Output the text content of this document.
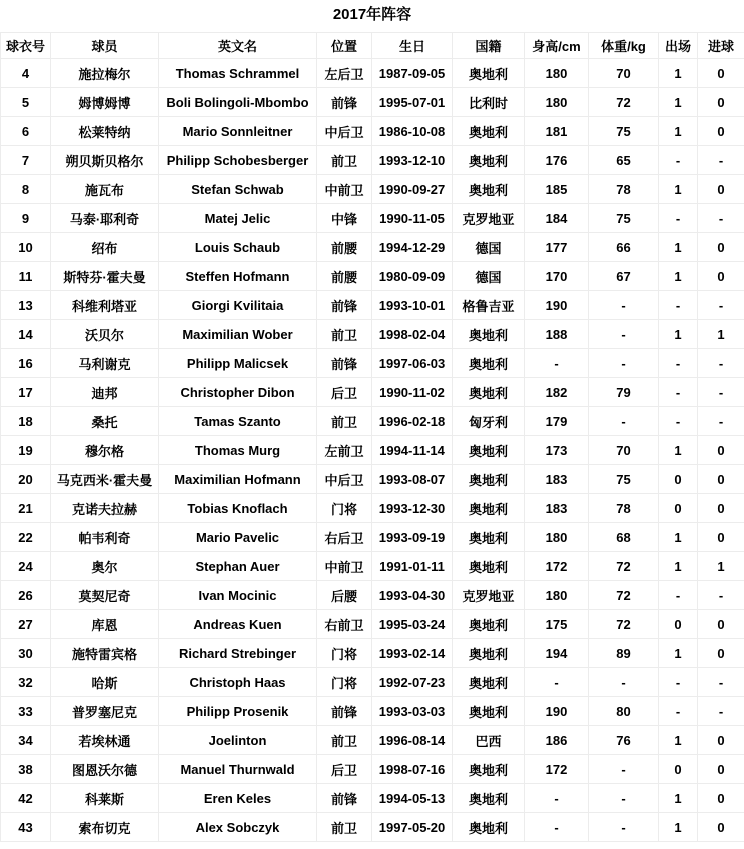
2017年阵容
球衣号	球员	英文名	位置	生日	国籍	身高/cm	体重/kg	出场	进球
4	施拉梅尔	Thomas Schrammel	左后卫	1987-09-05	奥地利	180	70	1	0
5	姆博姆博	Boli Bolingoli-Mbombo	前锋	1995-07-01	比利时	180	72	1	0
6	松莱特纳	Mario Sonnleitner	中后卫	1986-10-08	奥地利	181	75	1	0
7	朔贝斯贝格尔	Philipp Schobesberger	前卫	1993-12-10	奥地利	176	65	-	-
8	施瓦布	Stefan Schwab	中前卫	1990-09-27	奥地利	185	78	1	0
9	马泰·耶利奇	Matej Jelic	中锋	1990-11-05	克罗地亚	184	75	-	-
10	绍布	Louis Schaub	前腰	1994-12-29	德国	177	66	1	0
11	斯特芬·霍夫曼	Steffen Hofmann	前腰	1980-09-09	德国	170	67	1	0
13	科维利塔亚	Giorgi Kvilitaia	前锋	1993-10-01	格鲁吉亚	190	-	-	-
14	沃贝尔	Maximilian Wober	前卫	1998-02-04	奥地利	188	-	1	1
16	马利谢克	Philipp Malicsek	前锋	1997-06-03	奥地利	-	-	-	-
17	迪邦	Christopher Dibon	后卫	1990-11-02	奥地利	182	79	-	-
18	桑托	Tamas Szanto	前卫	1996-02-18	匈牙利	179	-	-	-
19	穆尔格	Thomas Murg	左前卫	1994-11-14	奥地利	173	70	1	0
20	马克西米·霍夫曼	Maximilian Hofmann	中后卫	1993-08-07	奥地利	183	75	0	0
21	克诺夫拉赫	Tobias Knoflach	门将	1993-12-30	奥地利	183	78	0	0
22	帕韦利奇	Mario Pavelic	右后卫	1993-09-19	奥地利	180	68	1	0
24	奥尔	Stephan Auer	中前卫	1991-01-11	奥地利	172	72	1	1
26	莫契尼奇	Ivan Mocinic	后腰	1993-04-30	克罗地亚	180	72	-	-
27	库恩	Andreas Kuen	右前卫	1995-03-24	奥地利	175	72	0	0
30	施特雷宾格	Richard Strebinger	门将	1993-02-14	奥地利	194	89	1	0
32	哈斯	Christoph Haas	门将	1992-07-23	奥地利	-	-	-	-
33	普罗塞尼克	Philipp Prosenik	前锋	1993-03-03	奥地利	190	80	-	-
34	若埃林通	Joelinton	前卫	1996-08-14	巴西	186	76	1	0
38	图恩沃尔德	Manuel Thurnwald	后卫	1998-07-16	奥地利	172	-	0	0
42	科莱斯	Eren Keles	前锋	1994-05-13	奥地利	-	-	1	0
43	索布切克	Alex Sobczyk	前卫	1997-05-20	奥地利	-	-	1	0
